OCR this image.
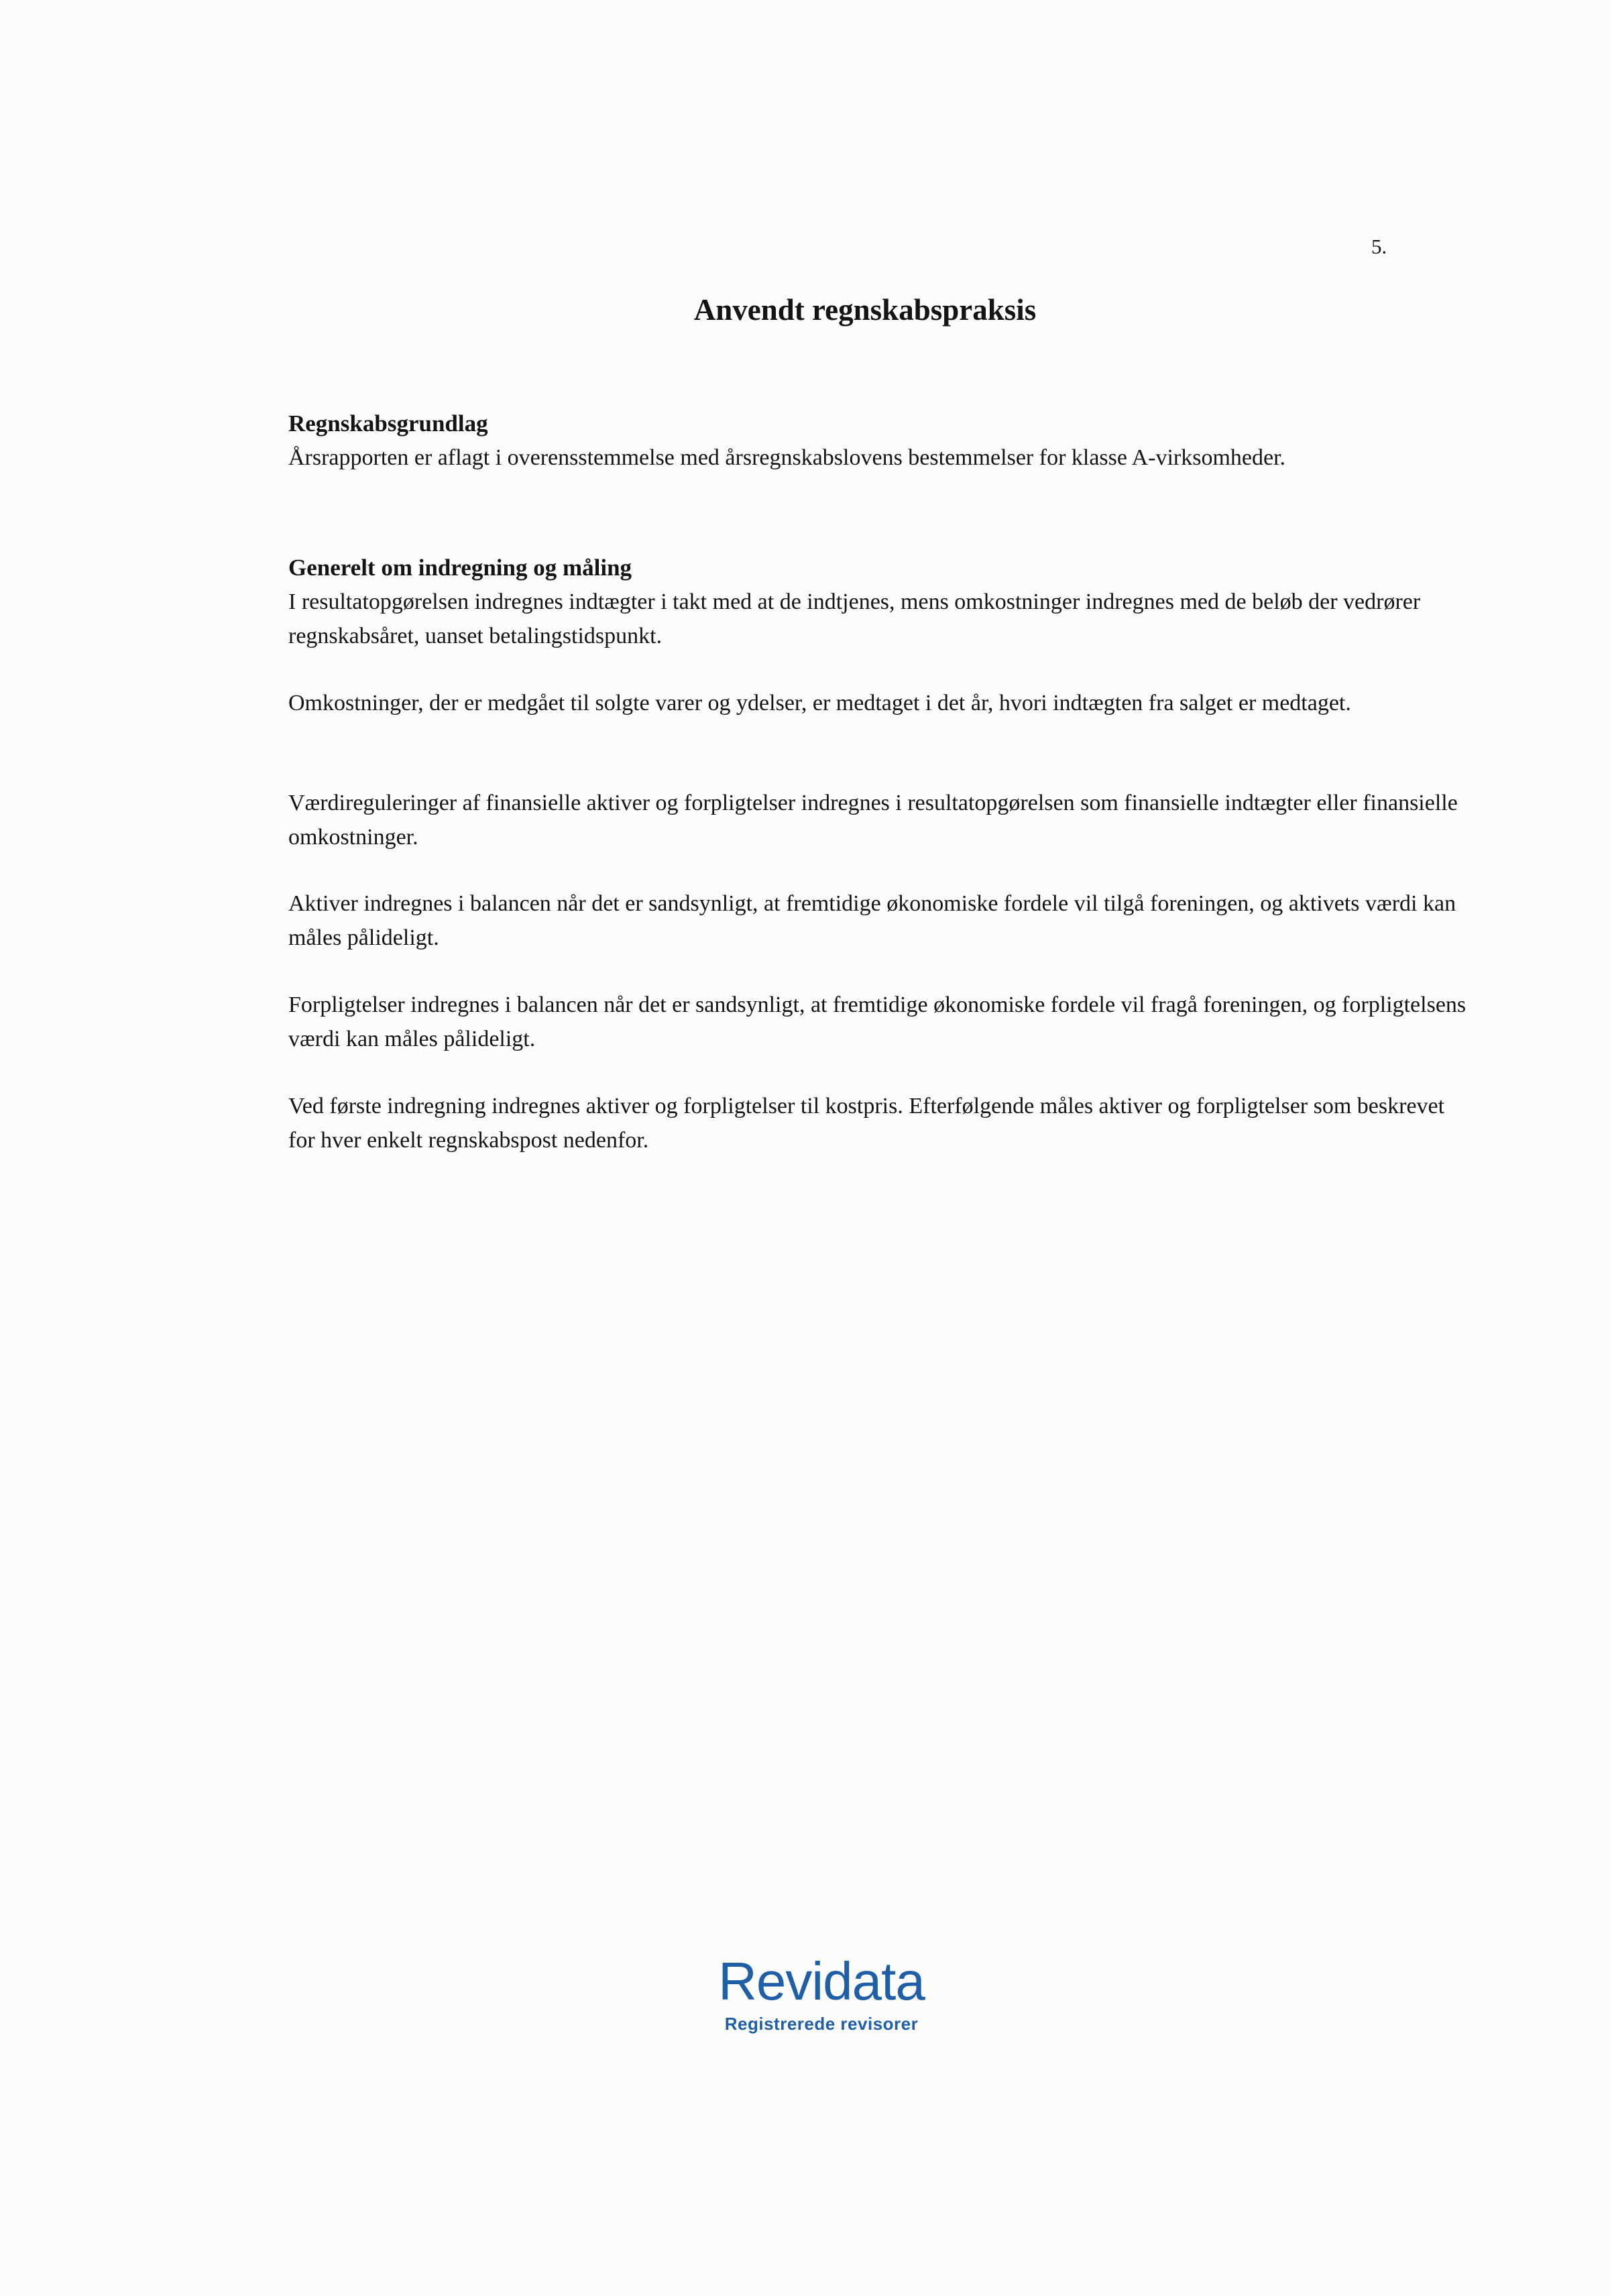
5.
Anvendt regnskabspraksis
Regnskabsgrundlag

Årsrapporten er aflagt i overensstemmelse med årsregnskabslovens bestemmelser for klasse A-virksomheder.

Generelt om indregning og måling

I resultatopgørelsen indregnes indtægter i takt med at de indtjenes, mens omkostninger indregnes med de beløb der vedrører regnskabsåret, uanset betalingstidspunkt.

Omkostninger, der er medgået til solgte varer og ydelser, er medtaget i det år, hvori indtægten fra salget er medtaget.

Værdireguleringer af finansielle aktiver og forpligtelser indregnes i resultatopgørelsen som finansielle indtægter eller finansielle omkostninger.

Aktiver indregnes i balancen når det er sandsynligt, at fremtidige økonomiske fordele vil tilgå foreningen, og aktivets værdi kan måles pålideligt.

Forpligtelser indregnes i balancen når det er sandsynligt, at fremtidige økonomiske fordele vil fragå foreningen, og forpligtelsens værdi kan måles pålideligt.

Ved første indregning indregnes aktiver og forpligtelser til kostpris. Efterfølgende måles aktiver og forpligtelser som beskrevet for hver enkelt regnskabspost nedenfor.

Revidata
Registrerede revisorer
